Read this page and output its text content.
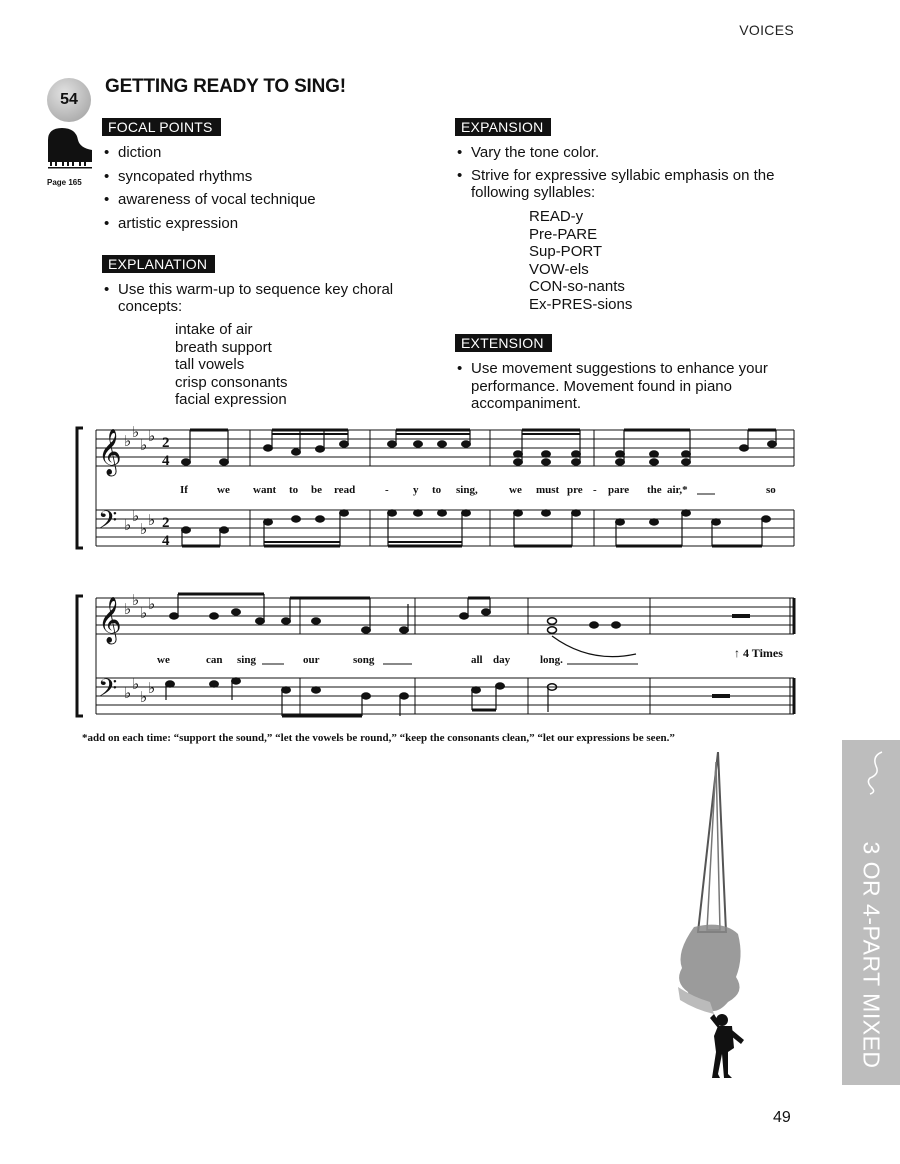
VOICES
54
GETTING READY TO SING!
Page 165
FOCAL POINTS
• diction
• syncopated rhythms
• awareness of vocal technique
• artistic expression
EXPLANATION
• Use this warm-up to sequence key choral concepts:
intake of air
breath support
tall vowels
crisp consonants
facial expression
EXPANSION
• Vary the tone color.
• Strive for expressive syllabic emphasis on the following syllables:
READ-y
Pre-PARE
Sup-PORT
VOW-els
CON-so-nants
Ex-PRES-sions
EXTENSION
• Use movement suggestions to enhance your performance. Movement found in piano accompaniment.
𝄞
𝄢
𝄞
𝄢
♭ ♭
♭ ♭
♭ ♭
♭ ♭
♭ ♭
♭ ♭
♭ ♭
♭ ♭
2
4
2
4
If	we want to be read	- y to sing,	we must pre - pare the air,*	so
we	can sing	our	song	all day	long.	↑ 4 Times
*add on each time: “support the sound,” “let the vowels be round,” “keep the consonants clean,” “let our expressions be seen.”
3 OR 4-PART MIXED
49
